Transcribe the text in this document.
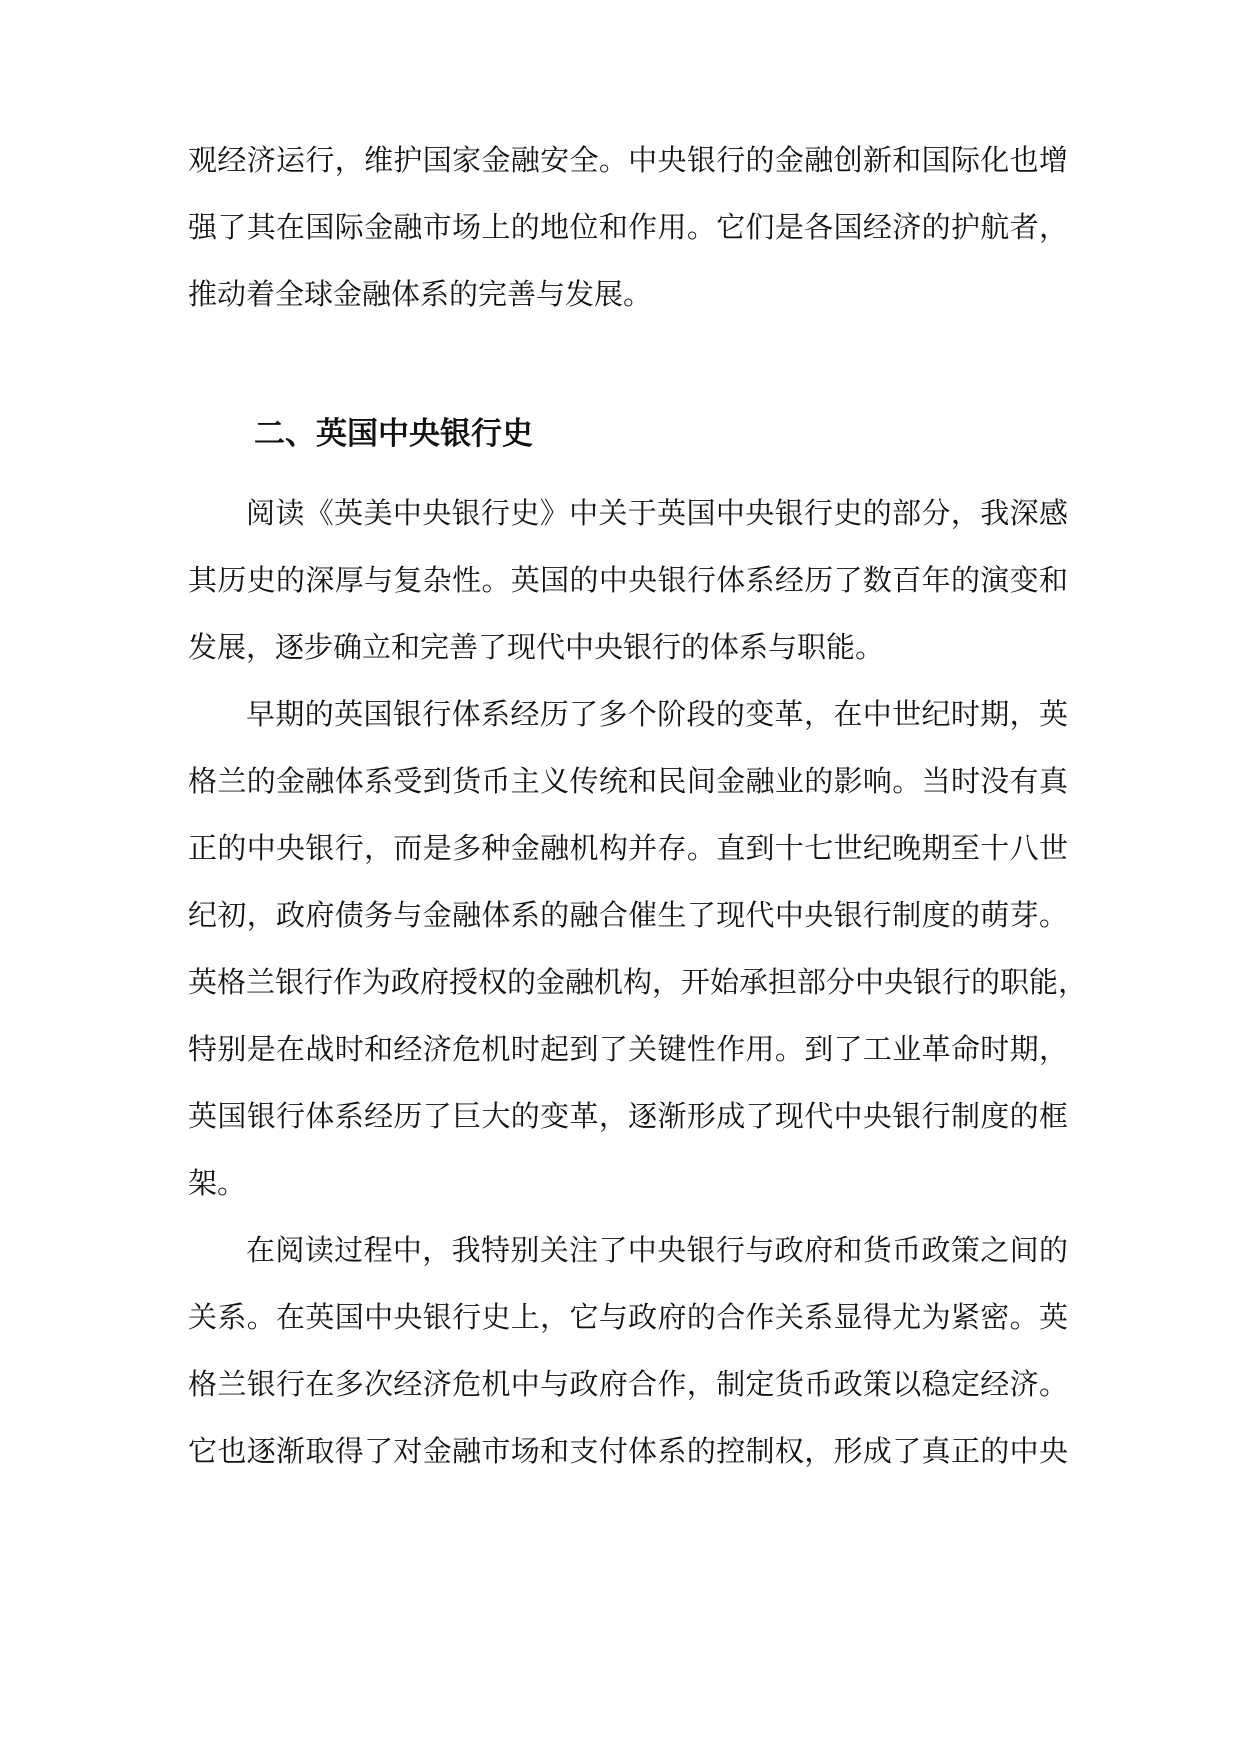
观经济运行，维护国家金融安全。中央银行的金融创新和国际化也增
强了其在国际金融市场上的地位和作用。它们是各国经济的护航者，
推动着全球金融体系的完善与发展。
二、英国中央银行史
阅读《英美中央银行史》中关于英国中央银行史的部分，我深感
其历史的深厚与复杂性。英国的中央银行体系经历了数百年的演变和
发展，逐步确立和完善了现代中央银行的体系与职能。
早期的英国银行体系经历了多个阶段的变革，在中世纪时期，英
格兰的金融体系受到货币主义传统和民间金融业的影响。当时没有真
正的中央银行，而是多种金融机构并存。直到十七世纪晚期至十八世
纪初，政府债务与金融体系的融合催生了现代中央银行制度的萌芽。
英格兰银行作为政府授权的金融机构，开始承担部分中央银行的职能，
特别是在战时和经济危机时起到了关键性作用。到了工业革命时期，
英国银行体系经历了巨大的变革，逐渐形成了现代中央银行制度的框
架。
在阅读过程中，我特别关注了中央银行与政府和货币政策之间的
关系。在英国中央银行史上，它与政府的合作关系显得尤为紧密。英
格兰银行在多次经济危机中与政府合作，制定货币政策以稳定经济。
它也逐渐取得了对金融市场和支付体系的控制权，形成了真正的中央
